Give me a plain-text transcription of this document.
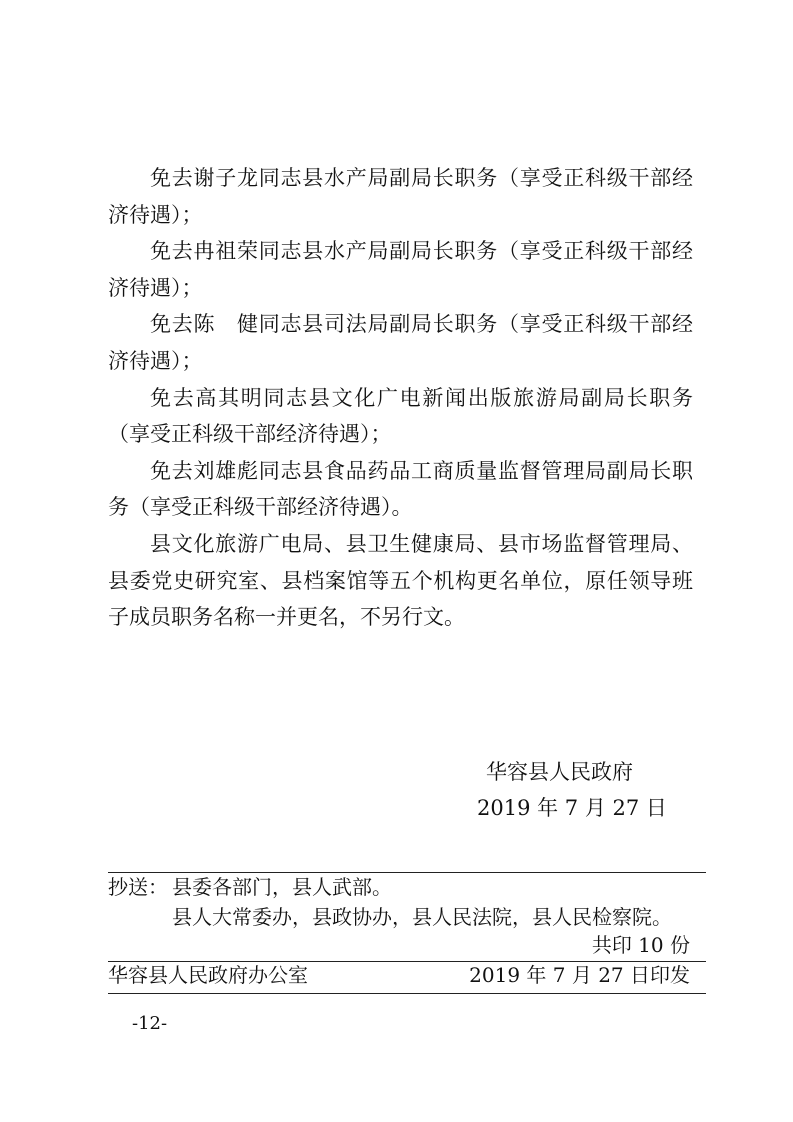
免去谢子龙同志县水产局副局长职务（享受正科级干部经
济待遇）；
免去冉祖荣同志县水产局副局长职务（享受正科级干部经
济待遇）；
免去陈　健同志县司法局副局长职务（享受正科级干部经
济待遇）；
免去高其明同志县文化广电新闻出版旅游局副局长职务
（享受正科级干部经济待遇）；
免去刘雄彪同志县食品药品工商质量监督管理局副局长职
务（享受正科级干部经济待遇）。
县文化旅游广电局、县卫生健康局、县市场监督管理局、
县委党史研究室、县档案馆等五个机构更名单位，原任领导班
子成员职务名称一并更名，不另行文。
华容县人民政府
2019 年 7 月 27 日
抄送： 县委各部门，县人武部。
县人大常委办，县政协办，县人民法院，县人民检察院。
共印 10 份
华容县人民政府办公室	2019 年 7 月 27 日印发
-12-
